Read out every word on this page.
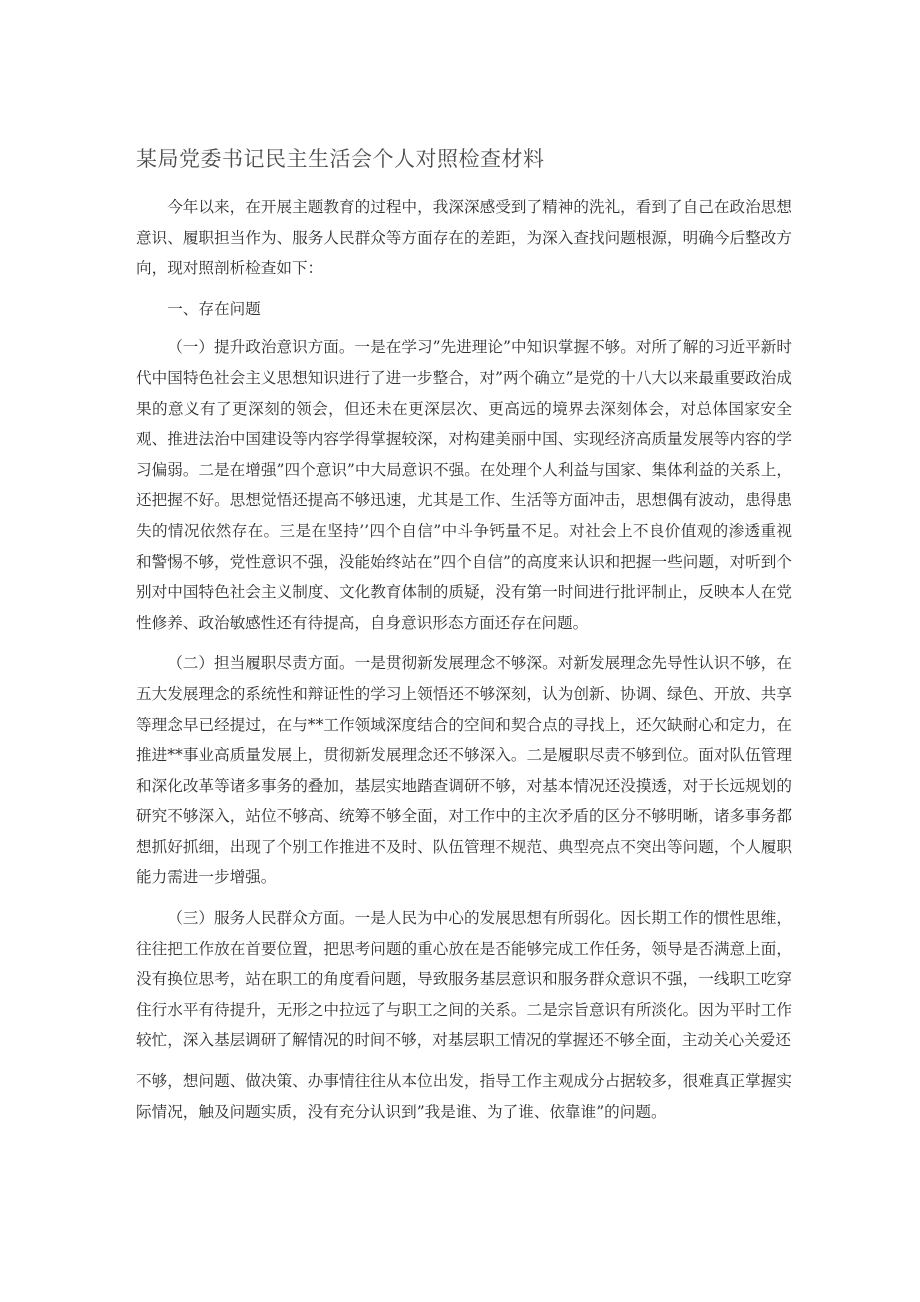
某局党委书记民主生活会个人对照检查材料

今年以来，在开展主题教育的过程中，我深深感受到了精神的洗礼，看到了自己在政治思想意识、履职担当作为、服务人民群众等方面存在的差距，为深入查找问题根源，明确今后整改方向，现对照剖析检查如下：

一、存在问题

（一）提升政治意识方面。一是在学习”先进理论”中知识掌握不够。对所了解的习近平新时代中国特色社会主义思想知识进行了进一步整合，对”两个确立”是党的十八大以来最重要政治成果的意义有了更深刻的领会，但还未在更深层次、更高远的境界去深刻体会，对总体国家安全观、推进法治中国建设等内容学得掌握较深，对构建美丽中国、实现经济高质量发展等内容的学习偏弱。二是在增强”四个意识”中大局意识不强。在处理个人利益与国家、集体利益的关系上，还把握不好。思想觉悟还提高不够迅速，尤其是工作、生活等方面冲击，思想偶有波动，患得患失的情况依然存在。三是在坚持’’四个自信”中斗争钙量不足。对社会上不良价值观的渗透重视和警惕不够，党性意识不强，没能始终站在”四个自信”的高度来认识和把握一些问题，对听到个别对中国特色社会主义制度、文化教育体制的质疑，没有第一时间进行批评制止，反映本人在党性修养、政治敏感性还有待提高，自身意识形态方面还存在问题。

（二）担当履职尽责方面。一是贯彻新发展理念不够深。对新发展理念先导性认识不够，在五大发展理念的系统性和辩证性的学习上领悟还不够深刻，认为创新、协调、绿色、开放、共享等理念早已经提过，在与**工作领域深度结合的空间和契合点的寻找上，还欠缺耐心和定力，在推进**事业高质量发展上，贯彻新发展理念还不够深入。二是履职尽责不够到位。面对队伍管理和深化改革等诸多事务的叠加，基层实地踏查调研不够，对基本情况还没摸透，对于长远规划的研究不够深入，站位不够高、统筹不够全面，对工作中的主次矛盾的区分不够明晰，诸多事务都想抓好抓细，出现了个别工作推进不及时、队伍管理不规范、典型亮点不突出等问题，个人履职能力需进一步增强。

（三）服务人民群众方面。一是人民为中心的发展思想有所弱化。因长期工作的惯性思维，往往把工作放在首要位置，把思考问题的重心放在是否能够完成工作任务，领导是否满意上面，没有换位思考，站在职工的角度看问题，导致服务基层意识和服务群众意识不强，一线职工吃穿住行水平有待提升，无形之中拉远了与职工之间的关系。二是宗旨意识有所淡化。因为平时工作较忙，深入基层调研了解情况的时间不够，对基层职工情况的掌握还不够全面，主动关心关爱还

不够，想问题、做决策、办事情往往从本位出发，指导工作主观成分占据较多，很难真正掌握实际情况，触及问题实质，没有充分认识到”我是谁、为了谁、依靠谁”的问题。
